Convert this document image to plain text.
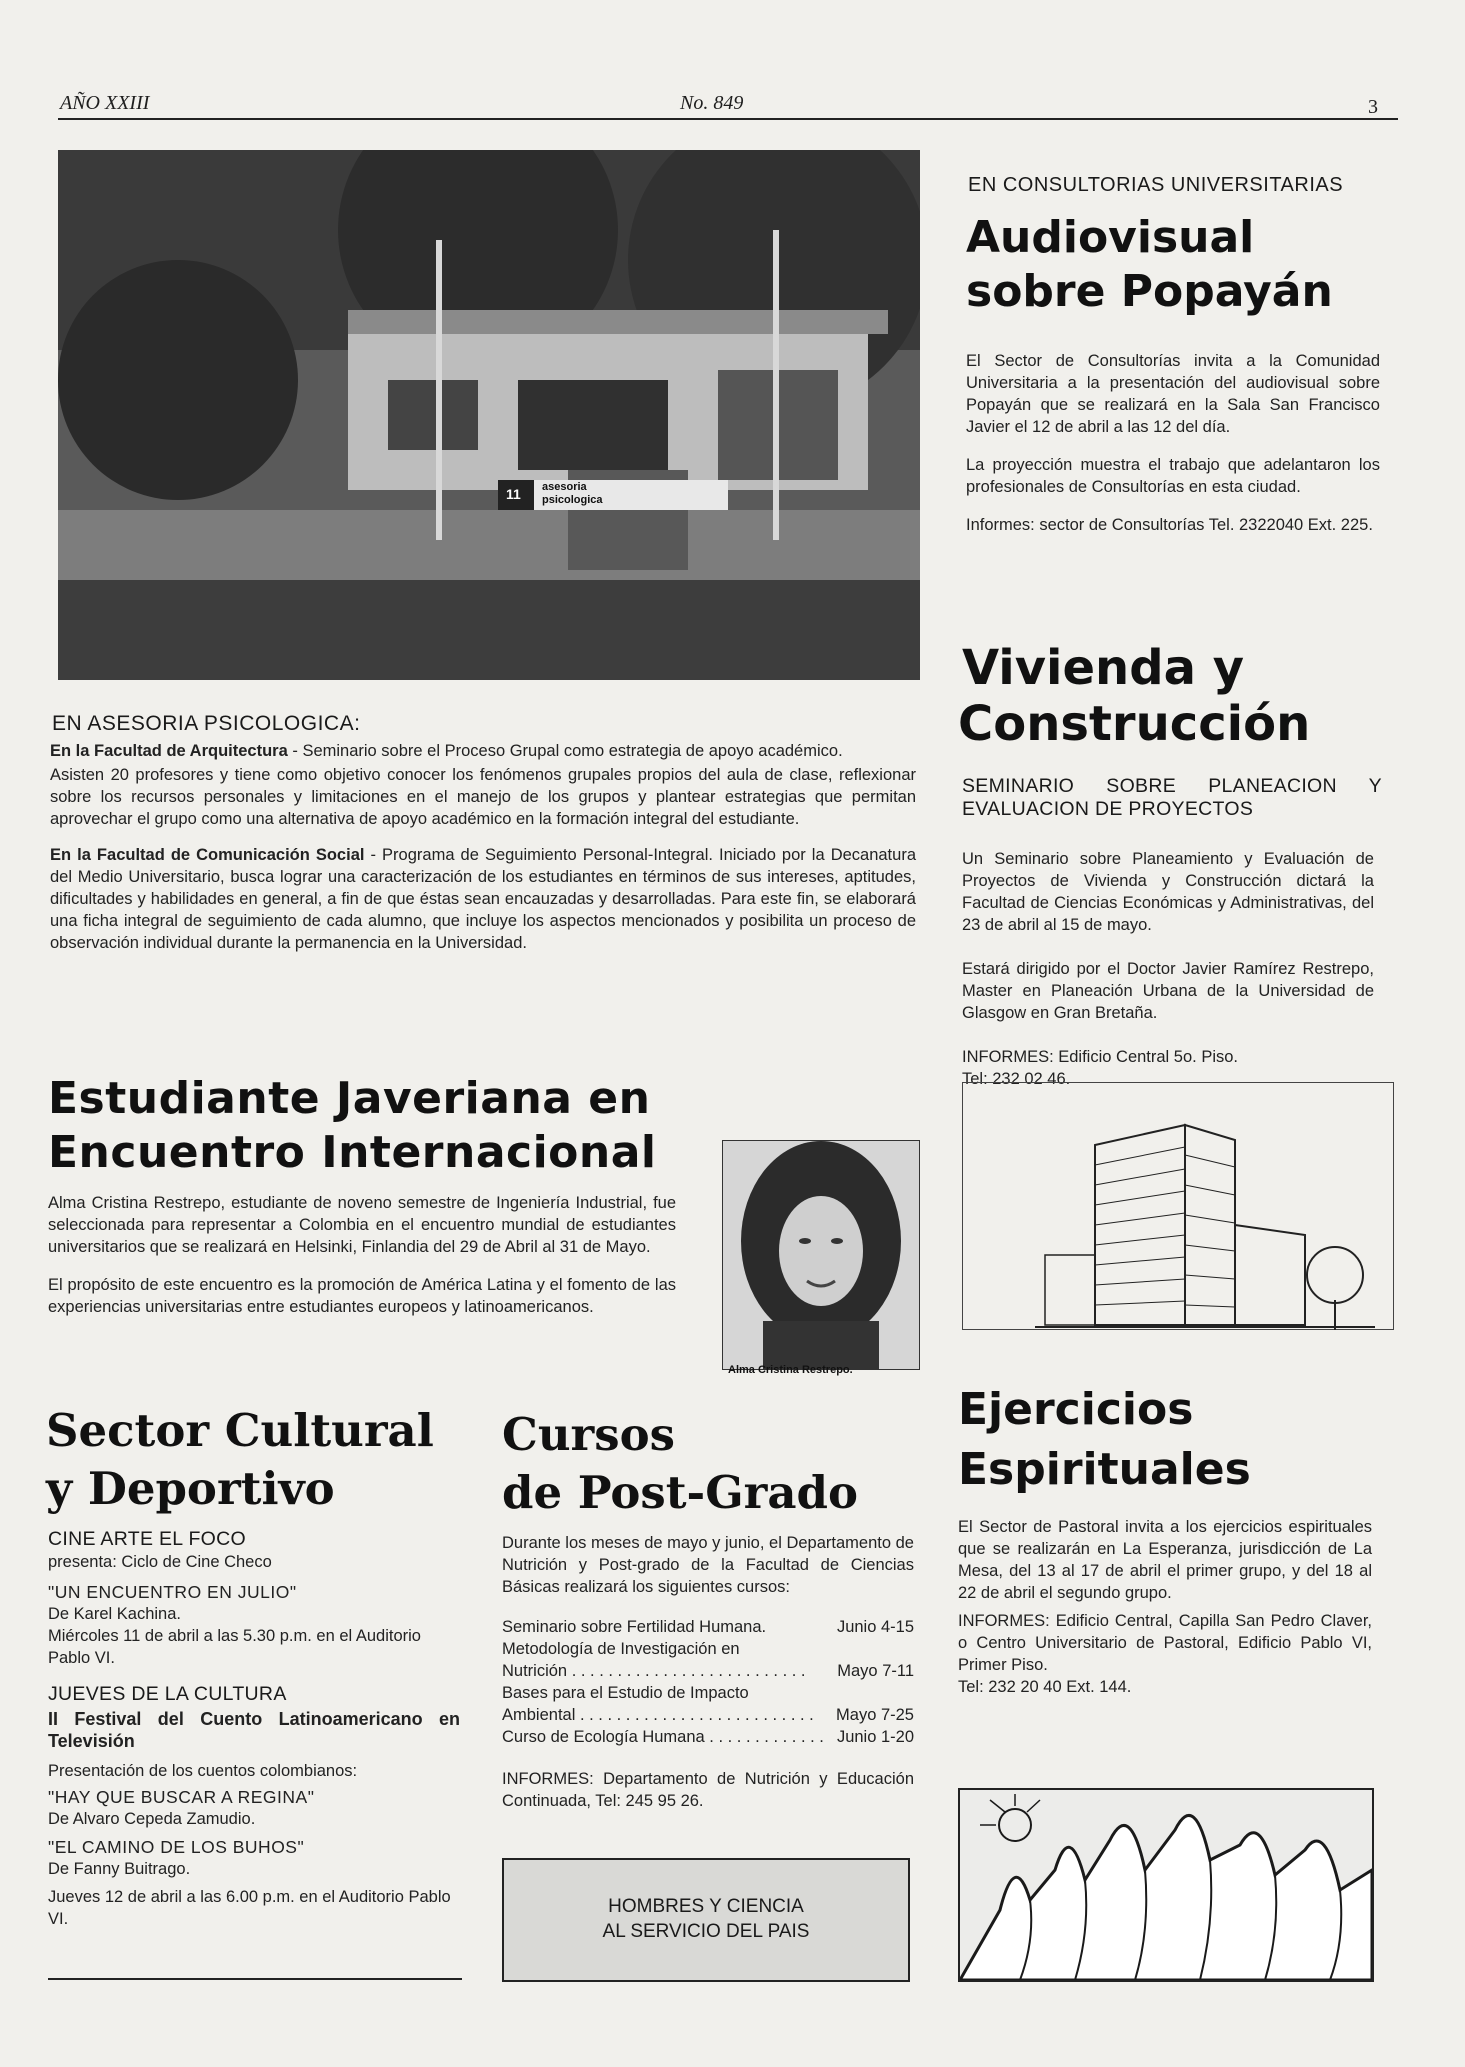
AÑO XXIII	No. 849	3
11 asesoria
psicologica
EN ASESORIA PSICOLOGICA:

En la Facultad de Arquitectura - Seminario sobre el Proceso Grupal como estrategia de apoyo académico.

Asisten 20 profesores y tiene como objetivo conocer los fenómenos grupales propios del aula de clase, reflexionar sobre los recursos personales y limitaciones en el manejo de los grupos y plantear estrategias que permitan aprovechar el grupo como una alternativa de apoyo académico en la formación integral del estudiante.

En la Facultad de Comunicación Social - Programa de Seguimiento Personal-Integral. Iniciado por la Decanatura del Medio Universitario, busca lograr una caracterización de los estudiantes en términos de sus intereses, aptitudes, dificultades y habilidades en general, a fin de que éstas sean encauzadas y desarrolladas. Para este fin, se elaborará una ficha integral de seguimiento de cada alumno, que incluye los aspectos mencionados y posibilita un proceso de observación individual durante la permanencia en la Universidad.

EN CONSULTORIAS UNIVERSITARIAS
Audiovisual
sobre Popayán

El Sector de Consultorías invita a la Comunidad Universitaria a la presentación del audiovisual sobre Popayán que se realizará en la Sala San Francisco Javier el 12 de abril a las 12 del día.

La proyección muestra el trabajo que adelantaron los profesionales de Consultorías en esta ciudad.

Informes: sector de Consultorías Tel. 2322040 Ext. 225.

Vivienda y
Construcción
SEMINARIO SOBRE PLANEACION Y EVALUACION DE PROYECTOS

Un Seminario sobre Planeamiento y Evaluación de Proyectos de Vivienda y Construcción dictará la Facultad de Ciencias Económicas y Administrativas, del 23 de abril al 15 de mayo.

Estará dirigido por el Doctor Javier Ramírez Restrepo, Master en Planeación Urbana de la Universidad de Glasgow en Gran Bretaña.

INFORMES: Edificio Central 5o. Piso.
Tel: 232 02 46.
Estudiante Javeriana en
Encuentro Internacional

Alma Cristina Restrepo, estudiante de noveno semestre de Ingeniería Industrial, fue seleccionada para representar a Colombia en el encuentro mundial de estudiantes universitarios que se realizará en Helsinki, Finlandia del 29 de Abril al 31 de Mayo.

El propósito de este encuentro es la promoción de América Latina y el fomento de las experiencias universitarias entre estudiantes europeos y latinoamericanos.

Alma Cristina Restrepo.
Sector Cultural
y Deportivo
CINE ARTE EL FOCO
presenta: Ciclo de Cine Checo
"UN ENCUENTRO EN JULIO"
De Karel Kachina.
Miércoles 11 de abril a las 5.30 p.m. en el Auditorio Pablo VI.
JUEVES DE LA CULTURA
II Festival del Cuento Latinoamericano en Televisión
Presentación de los cuentos colombianos:
"HAY QUE BUSCAR A REGINA"
De Alvaro Cepeda Zamudio.
"EL CAMINO DE LOS BUHOS"
De Fanny Buitrago.
Jueves 12 de abril a las 6.00 p.m. en el Auditorio Pablo VI.
Cursos
de Post-Grado
Durante los meses de mayo y junio, el Departamento de Nutrición y Post-grado de la Facultad de Ciencias Básicas realizará los siguientes cursos:
Seminario sobre Fertilidad Humana.	Junio 4-15
Metodología de Investigación en
Nutrición . . .	Mayo 7-11
Bases para el Estudio de Impacto
Ambiental . . .	Mayo 7-25
Curso de Ecología Humana . . .	Junio 1-20
INFORMES: Departamento de Nutrición y Educación Continuada, Tel: 245 95 26.
HOMBRES Y CIENCIA
AL SERVICIO DEL PAIS
Ejercicios
Espirituales

El Sector de Pastoral invita a los ejercicios espirituales que se realizarán en La Esperanza, jurisdicción de La Mesa, del 13 al 17 de abril el primer grupo, y del 18 al 22 de abril el segundo grupo.

INFORMES: Edificio Central, Capilla San Pedro Claver, o Centro Universitario de Pastoral, Edificio Pablo VI, Primer Piso.
Tel: 232 20 40 Ext. 144.
